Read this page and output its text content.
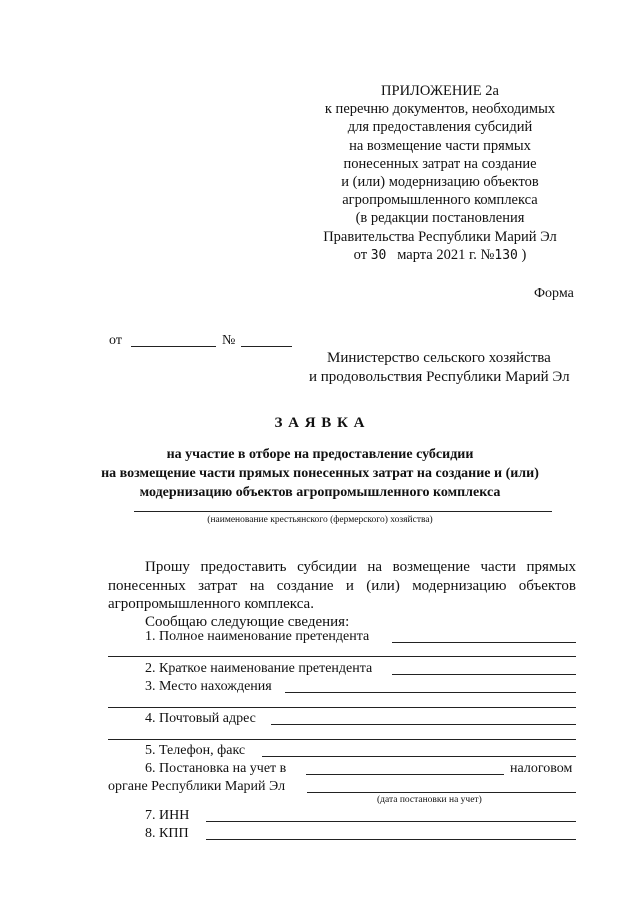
ПРИЛОЖЕНИЕ 2а
к перечню документов, необходимых
для предоставления субсидий
на возмещение части прямых
понесенных затрат на создание
и (или) модернизацию объектов
агропромышленного комплекса
(в редакции постановления
Правительства Республики Марий Эл
от 30 марта 2021 г. №130 )
Форма
от	№
Министерство сельского хозяйства
и продовольствия Республики Марий Эл
З А Я В К А
на участие в отборе на предоставление субсидии
на возмещение части прямых понесенных затрат на создание и (или)
модернизацию объектов агропромышленного комплекса
(наименование крестьянского (фермерского) хозяйства)
Прошу предоставить субсидии на возмещение части прямых
понесенных затрат на создание и (или) модернизацию объектов
агропромышленного комплекса.
Сообщаю следующие сведения:
1. Полное наименование претендента
2. Краткое наименование претендента
3. Место нахождения
4. Почтовый адрес
5. Телефон, факс
6. Постановка на учет в	налоговом
органе Республики Марий Эл
(дата постановки на учет)
7. ИНН
8. КПП
